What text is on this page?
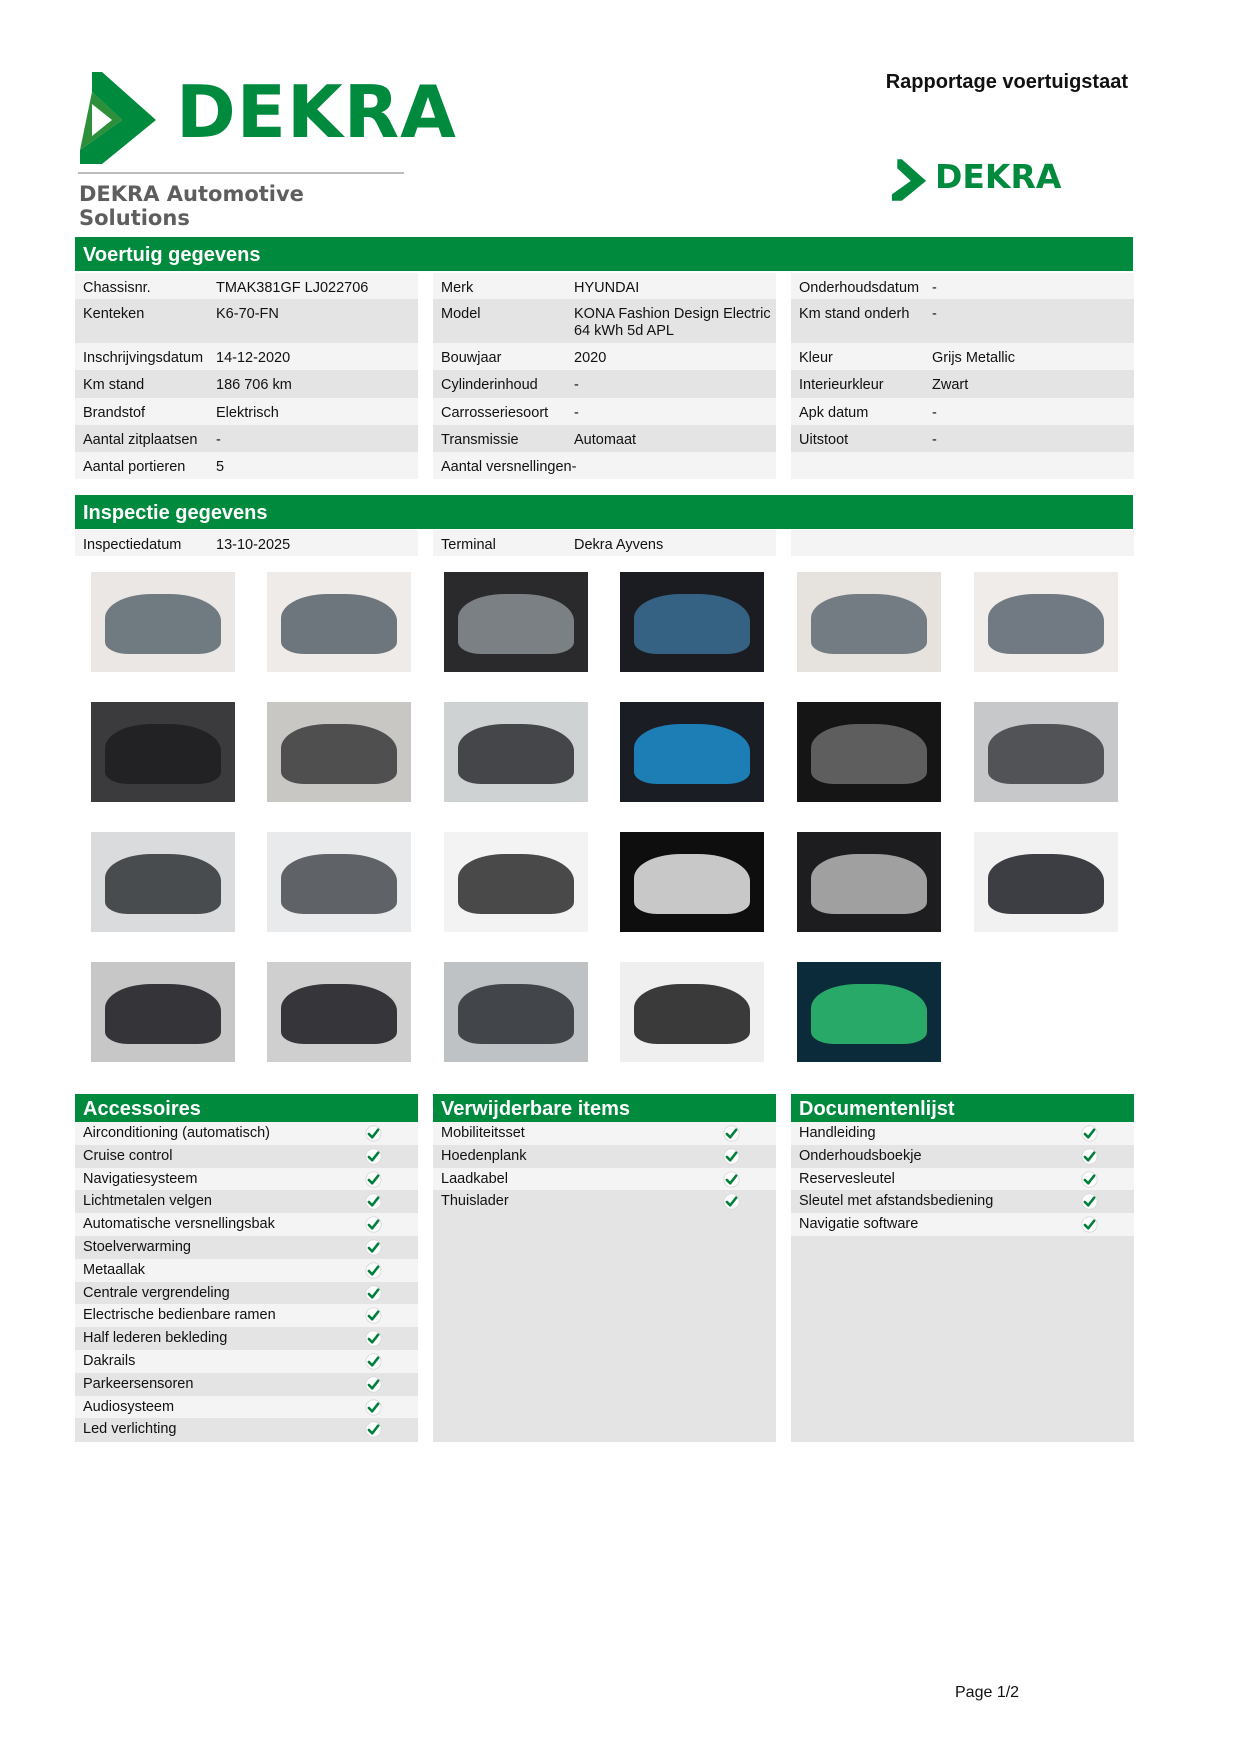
DEKRA
DEKRA Automotive Solutions
Rapportage voertuigstaat
DEKRA
Voertuig gegevens
Chassisnr.	TMAK381GF LJ022706
Kenteken	K6-70-FN
Inschrijvingsdatum 14-12-2020
Km stand	186 706 km
Brandstof	Elektrisch
Aantal zitplaatsen	-
Aantal portieren	5
Merk	HYUNDAI
Model	KONA Fashion Design Electric 64 kWh 5d APL
Bouwjaar	2020
Cylinderinhoud	-
Carrosseriesoort	-
Transmissie	Automaat
Aantal versnellingen -
Onderhoudsdatum -
Km stand onderh	-
Kleur	Grijs Metallic
Interieurkleur	Zwart
Apk datum	-
Uitstoot	-
Inspectie gegevens
Inspectiedatum	13-10-2025	Terminal	Dekra Ayvens
Accessoires
Airconditioning (automatisch)
Cruise control
Navigatiesysteem
Lichtmetalen velgen
Automatische versnellingsbak
Stoelverwarming
Metaallak
Centrale vergrendeling
Electrische bedienbare ramen
Half lederen bekleding
Dakrails
Parkeersensoren
Audiosysteem
Led verlichting
Verwijderbare items
Mobiliteitsset
Hoedenplank
Laadkabel
Thuislader
Documentenlijst
Handleiding
Onderhoudsboekje
Reservesleutel
Sleutel met afstandsbediening
Navigatie software
Page 1/2
